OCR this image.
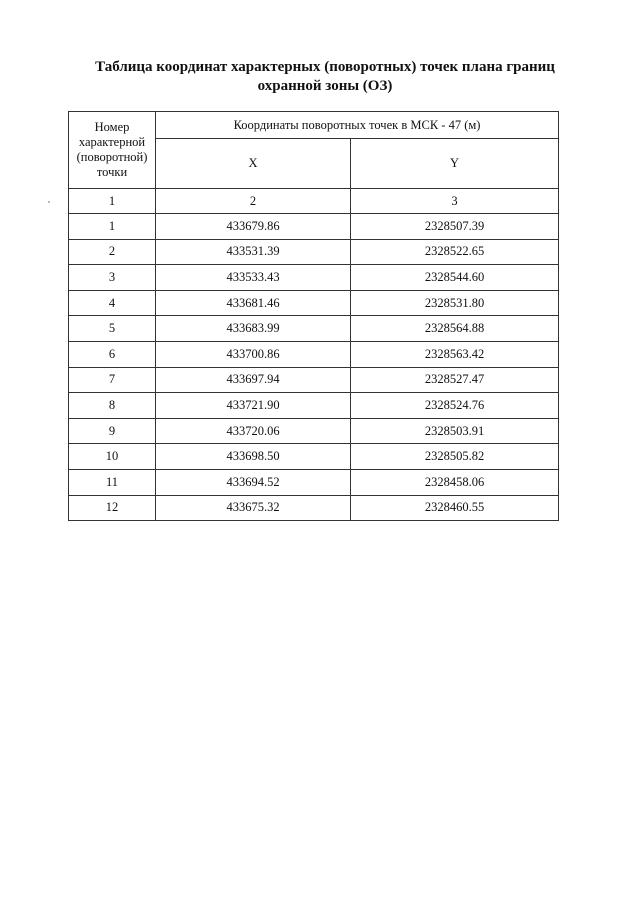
Таблица координат характерных (поворотных) точек плана границ
охранной зоны (ОЗ)
Номер характерной (поворотной) точки	Координаты поворотных точек в МСК - 47 (м)	
	X	Y
1	2	3
1	433679.86	2328507.39
2	433531.39	2328522.65
3	433533.43	2328544.60
4	433681.46	2328531.80
5	433683.99	2328564.88
6	433700.86	2328563.42
7	433697.94	2328527.47
8	433721.90	2328524.76
9	433720.06	2328503.91
10	433698.50	2328505.82
11	433694.52	2328458.06
12	433675.32	2328460.55
